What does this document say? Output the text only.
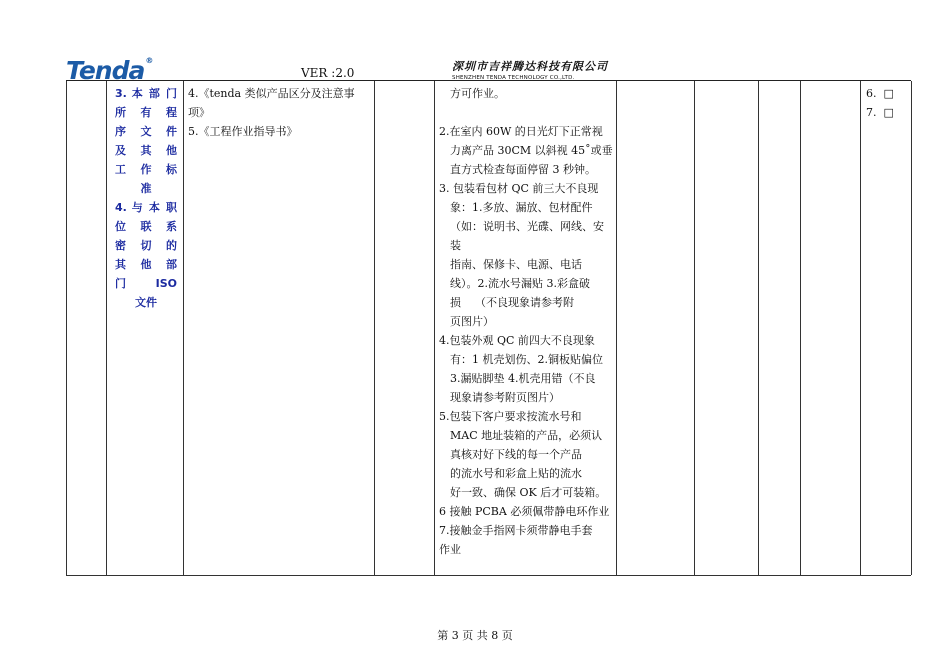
Tenda®
VER :2.0	深圳市吉祥腾达科技有限公司
SHENZHEN TENDA TECHNOLOGY CO.,LTD.
3. 本 部 门
所 有 程
序 文 件
及 其 他
工 作 标
准
4. 与 本 职
位 联 系
密 切 的
其 他 部
门 ISO
文件
4.《tenda 类似产品区分及注意事
项》
5.《工程作业指导书》
方可作业。
2.在室内 60W 的日光灯下正常视
力离产品 30CM 以斜视 45˚或垂
直方式检查每面停留 3 秒钟。
3. 包装看包材 QC 前三大不良现
象：1.多放、漏放、包材配件
（如：说明书、光碟、网线、安装
指南、保修卡、电源、电话
线）。2.流水号漏贴 3.彩盒破
损    （不良现象请参考附
页图片）
4.包装外观 QC 前四大不良现象
有：1 机壳划伤、2.铜板贴偏位
3.漏贴脚垫 4.机壳用错（不良
现象请参考附页图片）
5.包装下客户要求按流水号和
MAC 地址装箱的产品，必须认
真核对好下线的每一个产品
的流水号和彩盒上贴的流水
好一致、确保 OK 后才可装箱。
6 接触 PCBA 必须佩带静电环作业
7.接触金手指网卡须带静电手套
作业
6.  □
7.  □
第 3 页 共 8 页
